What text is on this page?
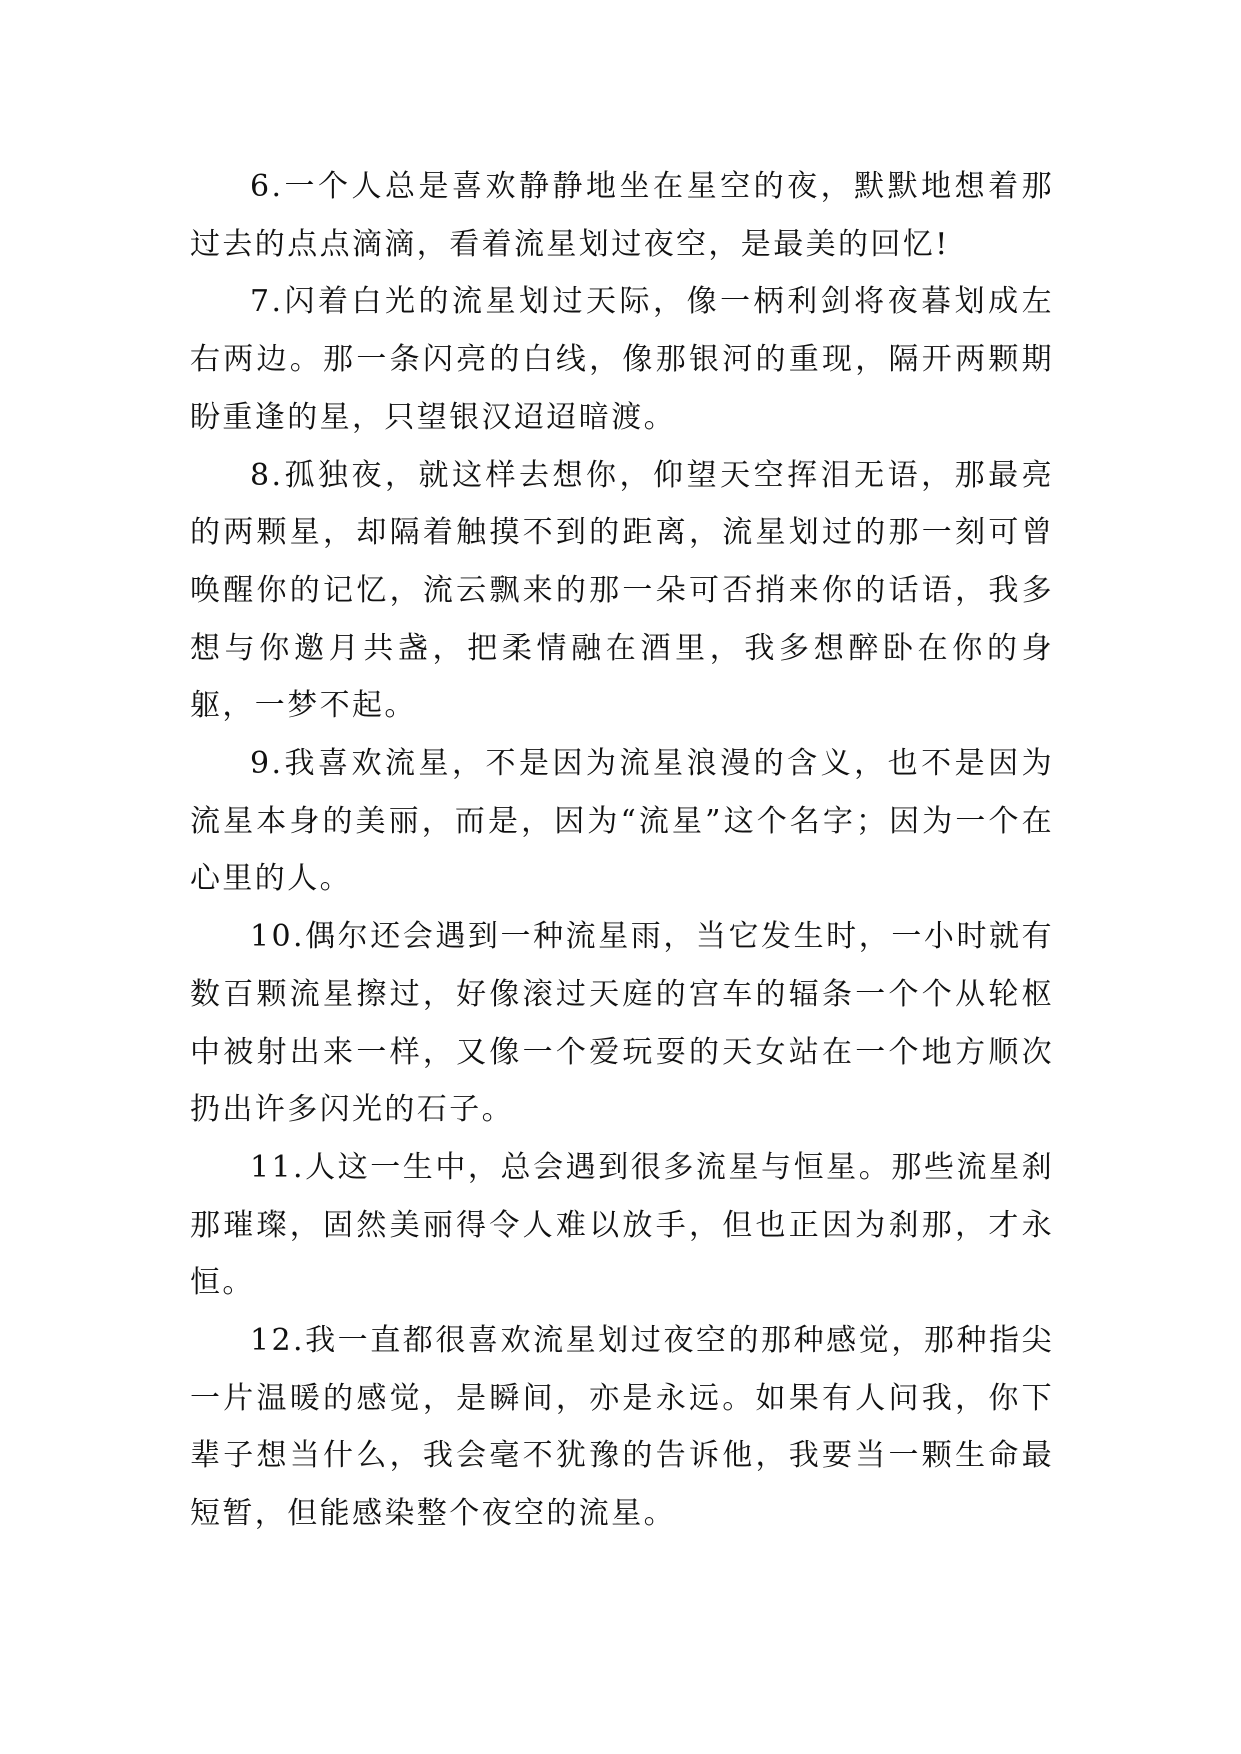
6.一个人总是喜欢静静地坐在星空的夜，默默地想着那过去的点点滴滴，看着流星划过夜空，是最美的回忆!

7.闪着白光的流星划过天际，像一柄利剑将夜暮划成左右两边。那一条闪亮的白线，像那银河的重现，隔开两颗期盼重逢的星，只望银汉迢迢暗渡。

8.孤独夜，就这样去想你，仰望天空挥泪无语，那最亮的两颗星，却隔着触摸不到的距离，流星划过的那一刻可曾唤醒你的记忆，流云飘来的那一朵可否捎来你的话语，我多想与你邀月共盏，把柔情融在酒里，我多想醉卧在你的身躯，一梦不起。

9.我喜欢流星，不是因为流星浪漫的含义，也不是因为流星本身的美丽，而是，因为“流星”这个名字；因为一个在心里的人。

10.偶尔还会遇到一种流星雨，当它发生时，一小时就有数百颗流星擦过，好像滚过天庭的宫车的辐条一个个从轮枢中被射出来一样，又像一个爱玩耍的天女站在一个地方顺次扔出许多闪光的石子。

11.人这一生中，总会遇到很多流星与恒星。那些流星刹那璀璨，固然美丽得令人难以放手，但也正因为刹那，才永恒。

12.我一直都很喜欢流星划过夜空的那种感觉，那种指尖一片温暖的感觉，是瞬间，亦是永远。如果有人问我，你下辈子想当什么，我会毫不犹豫的告诉他，我要当一颗生命最短暂，但能感染整个夜空的流星。
